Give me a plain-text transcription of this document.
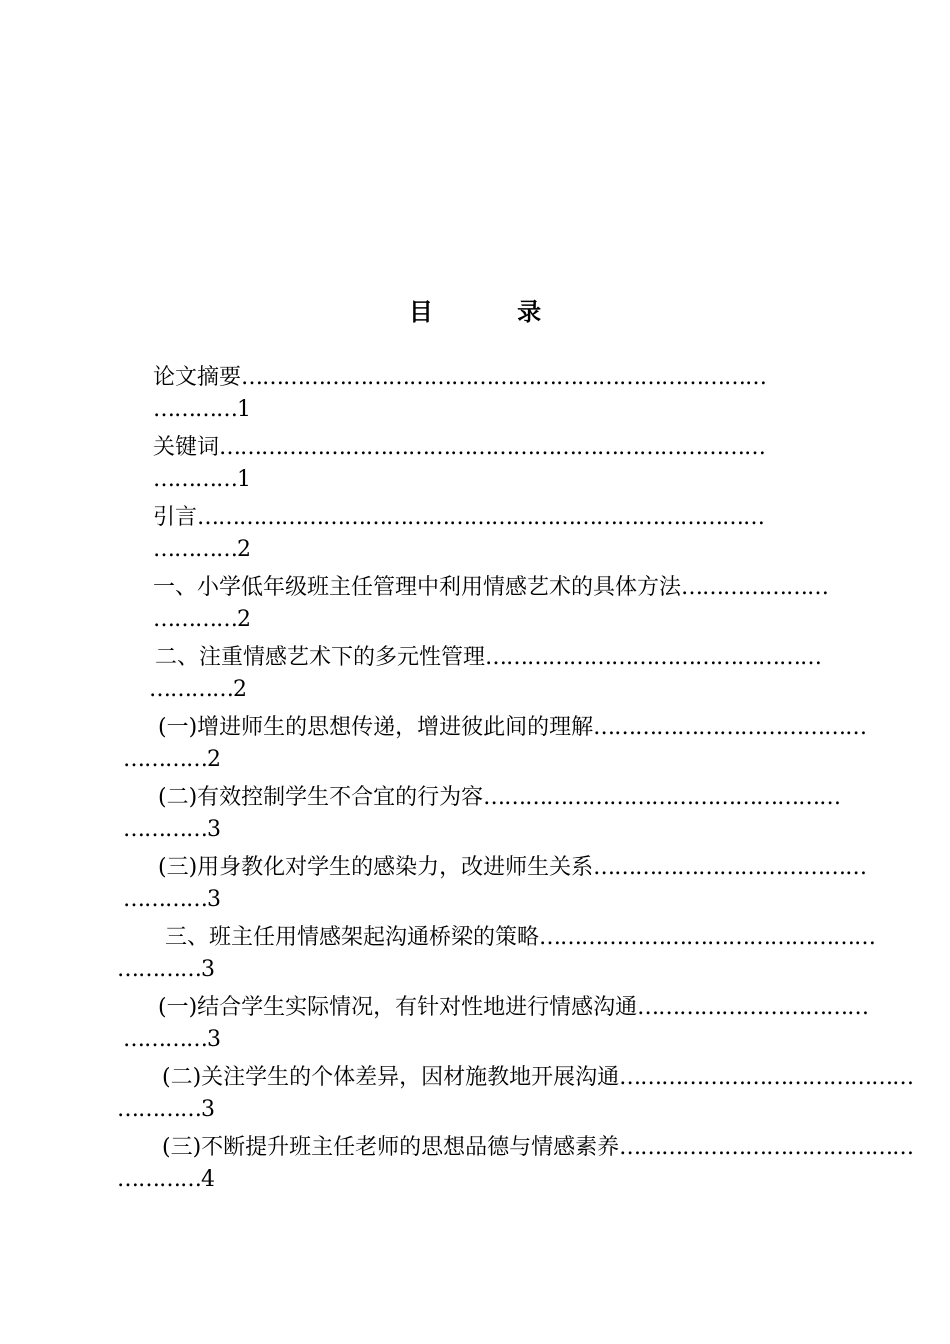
目 录
论文摘要…………………………………………………………………
…………1
关键词……………………………………………………………………
…………1
引言………………………………………………………………………
…………2
一、小学低年级班主任管理中利用情感艺术的具体方法…………………
…………2
二、注重情感艺术下的多元性管理…………………………………………
…………2
(一)增进师生的思想传递，增进彼此间的理解…………………………………
…………2
(二)有效控制学生不合宜的行为容……………………………………………
…………3
(三)用身教化对学生的感染力，改进师生关系…………………………………
…………3
三、班主任用情感架起沟通桥梁的策略…………………………………………
…………3
(一)结合学生实际情况，有针对性地进行情感沟通……………………………
…………3
(二)关注学生的个体差异，因材施教地开展沟通……………………………………
…………3
(三)不断提升班主任老师的思想品德与情感素养……………………………………
…………4
